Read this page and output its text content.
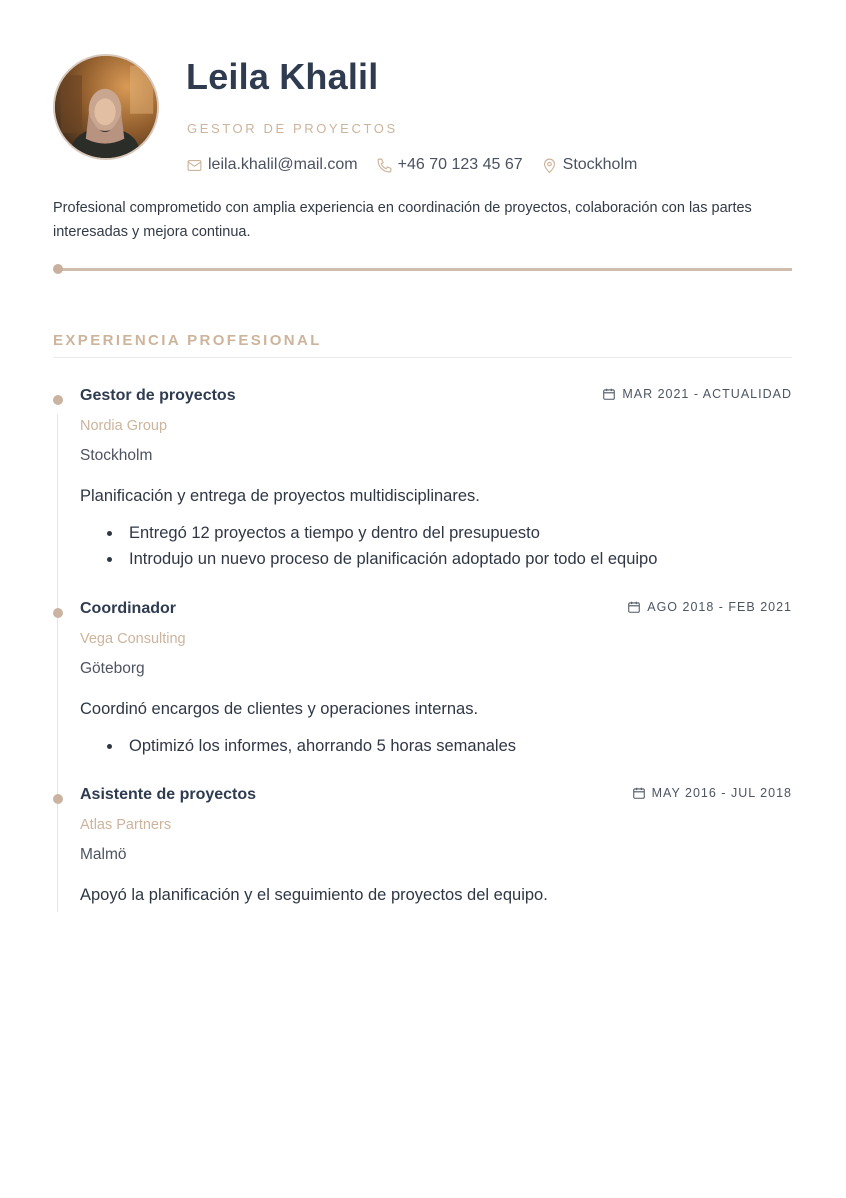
Leila Khalil
GESTOR DE PROYECTOS
leila.khalil@mail.com	+46 70 123 45 67	Stockholm
Profesional comprometido con amplia experiencia en coordinación de proyectos, colaboración con las partes interesadas y mejora continua.
EXPERIENCIA PROFESIONAL
Gestor de proyectos	MAR 2021 - ACTUALIDAD
Nordia Group
Stockholm
Planificación y entrega de proyectos multidisciplinares.
Entregó 12 proyectos a tiempo y dentro del presupuesto
Introdujo un nuevo proceso de planificación adoptado por todo el equipo
Coordinador	AGO 2018 - FEB 2021
Vega Consulting
Göteborg
Coordinó encargos de clientes y operaciones internas.
Optimizó los informes, ahorrando 5 horas semanales
Asistente de proyectos	MAY 2016 - JUL 2018
Atlas Partners
Malmö
Apoyó la planificación y el seguimiento de proyectos del equipo.
